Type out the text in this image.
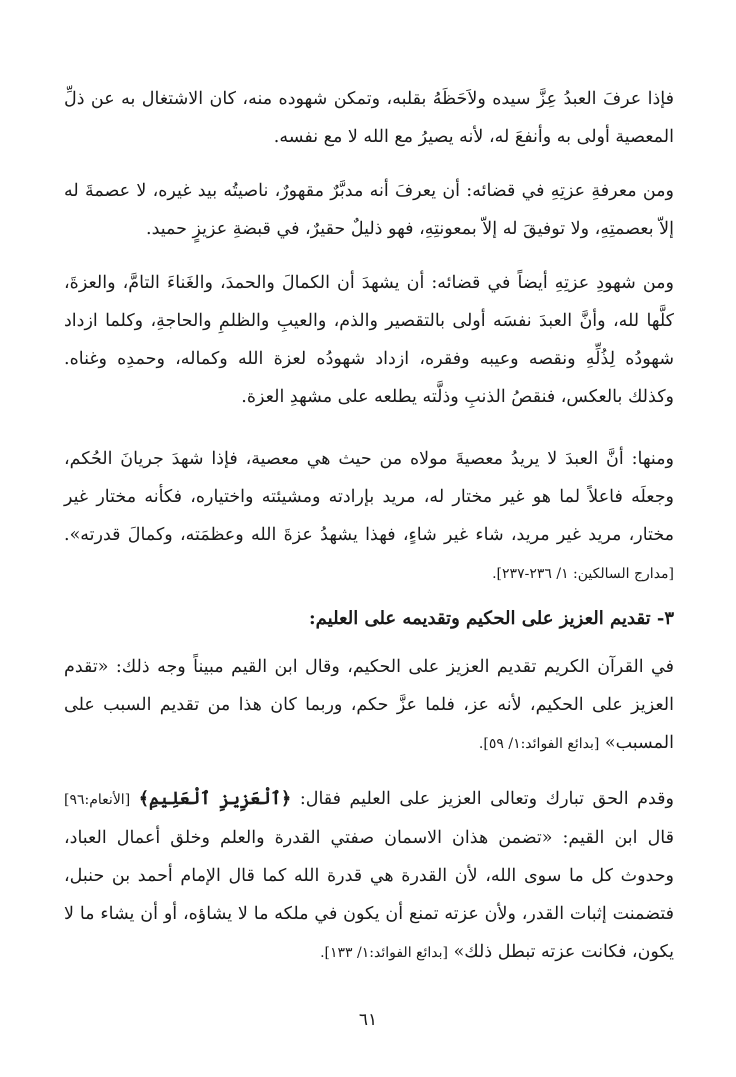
فإذا عرفَ العبدُ عِزَّ سيده ولاَحَظَهُ بقلبه، وتمكن شهوده منه، كان الاشتغال به عن ذلِّ المعصية أولى به وأنفعَ له، لأنه يصيرُ مع الله لا مع نفسه.

ومن معرفةِ عزتِهِ في قضائه: أن يعرفَ أنه مدبَّرٌ مقهورٌ، ناصيتُه بيد غيره، لا عصمةَ له إلاّ بعصمتِهِ، ولا توفيقَ له إلاّ بمعونتِهِ، فهو ذليلٌ حقيرٌ، في قبضةِ عزيزٍ حميد.

ومن شهودِ عزتِهِ أيضاً في قضائه: أن يشهدَ أن الكمالَ والحمدَ، والغَناءَ التامَّ، والعزةَ، كلَّها لله، وأنَّ العبدَ نفسَه أولى بالتقصير والذم، والعيبِ والظلمِ والحاجةِ، وكلما ازداد شهودُه لِذُلِّهِ ونقصه وعيبه وفقره، ازداد شهودُه لعزة الله وكماله، وحمدِه وغناه. وكذلك بالعكس، فنقصُ الذنبِ وذلَّته يطلعه على مشهدِ العزة.

ومنها: أنَّ العبدَ لا يريدُ معصيةَ مولاه من حيث هي معصية، فإذا شهدَ جريانَ الحُكم، وجعلَه فاعلاً لما هو غير مختار له، مريد بإرادته ومشيئته واختياره، فكأنه مختار غير مختار، مريد غير مريد، شاء غير شاءٍ، فهذا يشهدُ عزةَ الله وعظمَته، وكمالَ قدرته». [مدارج السالكين: ١/ ٢٣٦-٢٣٧].

٣- تقديم العزيز على الحكيم وتقديمه على العليم:

في القرآن الكريم تقديم العزيز على الحكيم، وقال ابن القيم مبيناً وجه ذلك: «تقدم العزيز على الحكيم، لأنه عز، فلما عزَّ حكم، وربما كان هذا من تقديم السبب على المسبب» [بدائع الفوائد:١/ ٥٩].

وقدم الحق تبارك وتعالى العزيز على العليم فقال: ﴿ٱلْعَزِيزِ ٱلْعَلِيمِ﴾ [الأنعام:٩٦] قال ابن القيم: «تضمن هذان الاسمان صفتي القدرة والعلم وخلق أعمال العباد، وحدوث كل ما سوى الله، لأن القدرة هي قدرة الله كما قال الإمام أحمد بن حنبل، فتضمنت إثبات القدر، ولأن عزته تمنع أن يكون في ملكه ما لا يشاؤه، أو أن يشاء ما لا يكون، فكانت عزته تبطل ذلك» [بدائع الفوائد:١/ ١٣٣].

٦١
